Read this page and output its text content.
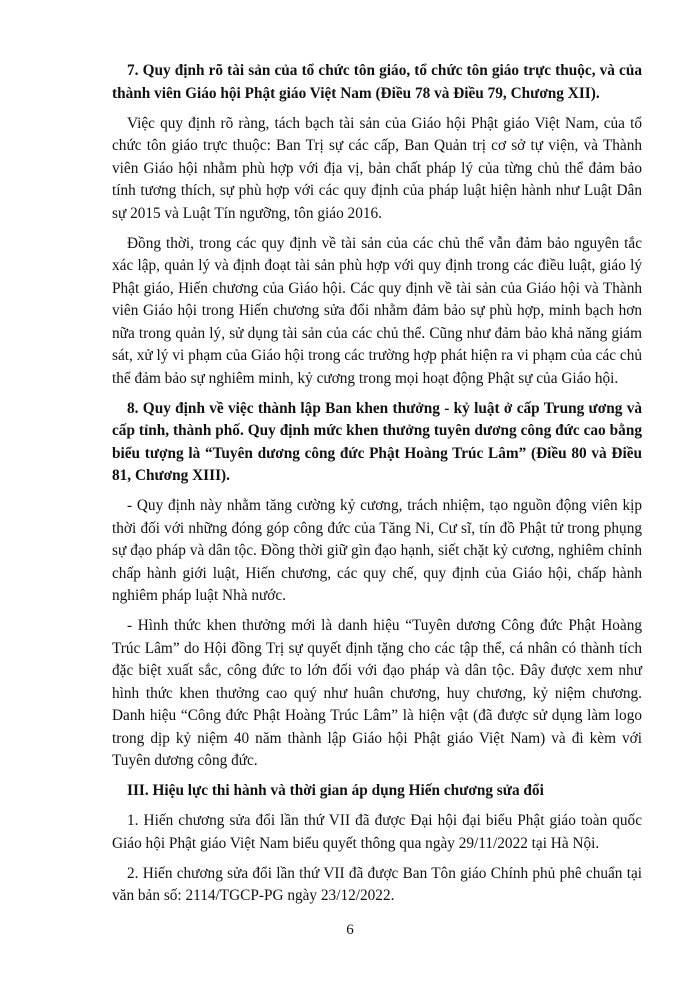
7. Quy định rõ tài sản của tổ chức tôn giáo, tổ chức tôn giáo trực thuộc, và của thành viên Giáo hội Phật giáo Việt Nam (Điều 78 và Điều 79, Chương XII).

Việc quy định rõ ràng, tách bạch tài sản của Giáo hội Phật giáo Việt Nam, của tổ chức tôn giáo trực thuộc: Ban Trị sự các cấp, Ban Quản trị cơ sở tự viện, và Thành viên Giáo hội nhằm phù hợp với địa vị, bản chất pháp lý của từng chủ thể đảm bảo tính tương thích, sự phù hợp với các quy định của pháp luật hiện hành như Luật Dân sự 2015 và Luật Tín ngưỡng, tôn giáo 2016.

Đồng thời, trong các quy định về tài sản của các chủ thể vẫn đảm bảo nguyên tắc xác lập, quản lý và định đoạt tài sản phù hợp với quy định trong các điều luật, giáo lý Phật giáo, Hiến chương của Giáo hội. Các quy định về tài sản của Giáo hội và Thành viên Giáo hội trong Hiến chương sửa đổi nhằm đảm bảo sự phù hợp, minh bạch hơn nữa trong quản lý, sử dụng tài sản của các chủ thể. Cũng như đảm bảo khả năng giám sát, xử lý vi phạm của Giáo hội trong các trường hợp phát hiện ra vi phạm của các chủ thể đảm bảo sự nghiêm minh, kỷ cương trong mọi hoạt động Phật sự của Giáo hội.

8. Quy định về việc thành lập Ban khen thưởng - kỷ luật ở cấp Trung ương và cấp tỉnh, thành phố. Quy định mức khen thưởng tuyên dương công đức cao bằng biểu tượng là “Tuyên dương công đức Phật Hoàng Trúc Lâm” (Điều 80 và Điều 81, Chương XIII).

- Quy định này nhằm tăng cường kỷ cương, trách nhiệm, tạo nguồn động viên kịp thời đối với những đóng góp công đức của Tăng Ni, Cư sĩ, tín đồ Phật tử trong phụng sự đạo pháp và dân tộc. Đồng thời giữ gìn đạo hạnh, siết chặt kỷ cương, nghiêm chỉnh chấp hành giới luật, Hiến chương, các quy chế, quy định của Giáo hội, chấp hành nghiêm pháp luật Nhà nước.

- Hình thức khen thưởng mới là danh hiệu “Tuyên dương Công đức Phật Hoàng Trúc Lâm” do Hội đồng Trị sự quyết định tặng cho các tập thể, cá nhân có thành tích đặc biệt xuất sắc, công đức to lớn đối với đạo pháp và dân tộc. Đây được xem như hình thức khen thưởng cao quý như huân chương, huy chương, kỷ niệm chương. Danh hiệu “Công đức Phật Hoàng Trúc Lâm” là hiện vật (đã được sử dụng làm logo trong dịp kỷ niệm 40 năm thành lập Giáo hội Phật giáo Việt Nam) và đi kèm với Tuyên dương công đức.

III. Hiệu lực thi hành và thời gian áp dụng Hiến chương sửa đổi

1. Hiến chương sửa đổi lần thứ VII đã được Đại hội đại biểu Phật giáo toàn quốc Giáo hội Phật giáo Việt Nam biểu quyết thông qua ngày 29/11/2022 tại Hà Nội.

2. Hiến chương sửa đổi lần thứ VII đã được Ban Tôn giáo Chính phủ phê chuẩn tại văn bản số: 2114/TGCP-PG ngày 23/12/2022.

6
